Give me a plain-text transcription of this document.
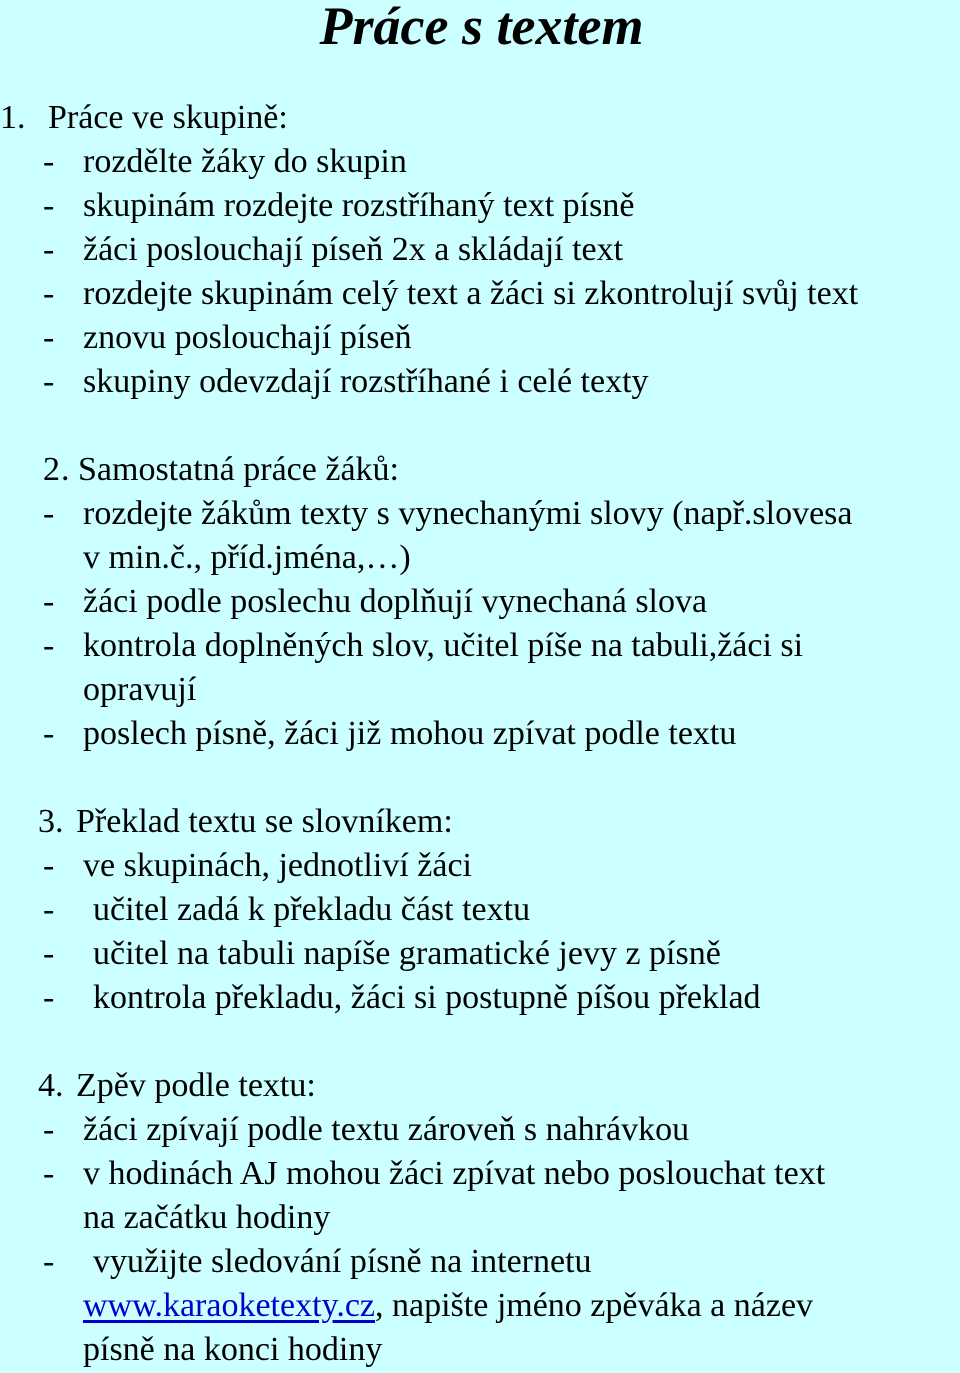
Práce s textem
1. Práce ve skupině:
- rozdělte žáky do skupin
- skupinám rozdejte rozstříhaný text písně
- žáci poslouchají píseň 2x a skládají text
- rozdejte skupinám celý text a žáci si zkontrolují svůj text
- znovu poslouchají píseň
- skupiny odevzdají rozstříhané i celé texty
2 . Samostatná práce žáků:
- rozdejte žákům texty s vynechanými slovy (např.slovesa
v min.č., příd.jména,…)
- žáci podle poslechu doplňují vynechaná slova
- kontrola doplněných slov, učitel píše na tabuli,žáci si
opravují
- poslech písně, žáci již mohou zpívat podle textu
3. Překlad textu se slovníkem:
- ve skupinách, jednotliví žáci
- učitel zadá k překladu část textu
- učitel na tabuli napíše gramatické jevy z písně
- kontrola překladu, žáci si postupně píšou překlad
4. Zpěv podle textu:
- žáci zpívají podle textu zároveň s nahrávkou
- v hodinách AJ mohou žáci zpívat nebo poslouchat text
na začátku hodiny
- využijte sledování písně na internetu
www.karaoketexty.cz, napište jméno zpěváka a název
písně na konci hodiny
